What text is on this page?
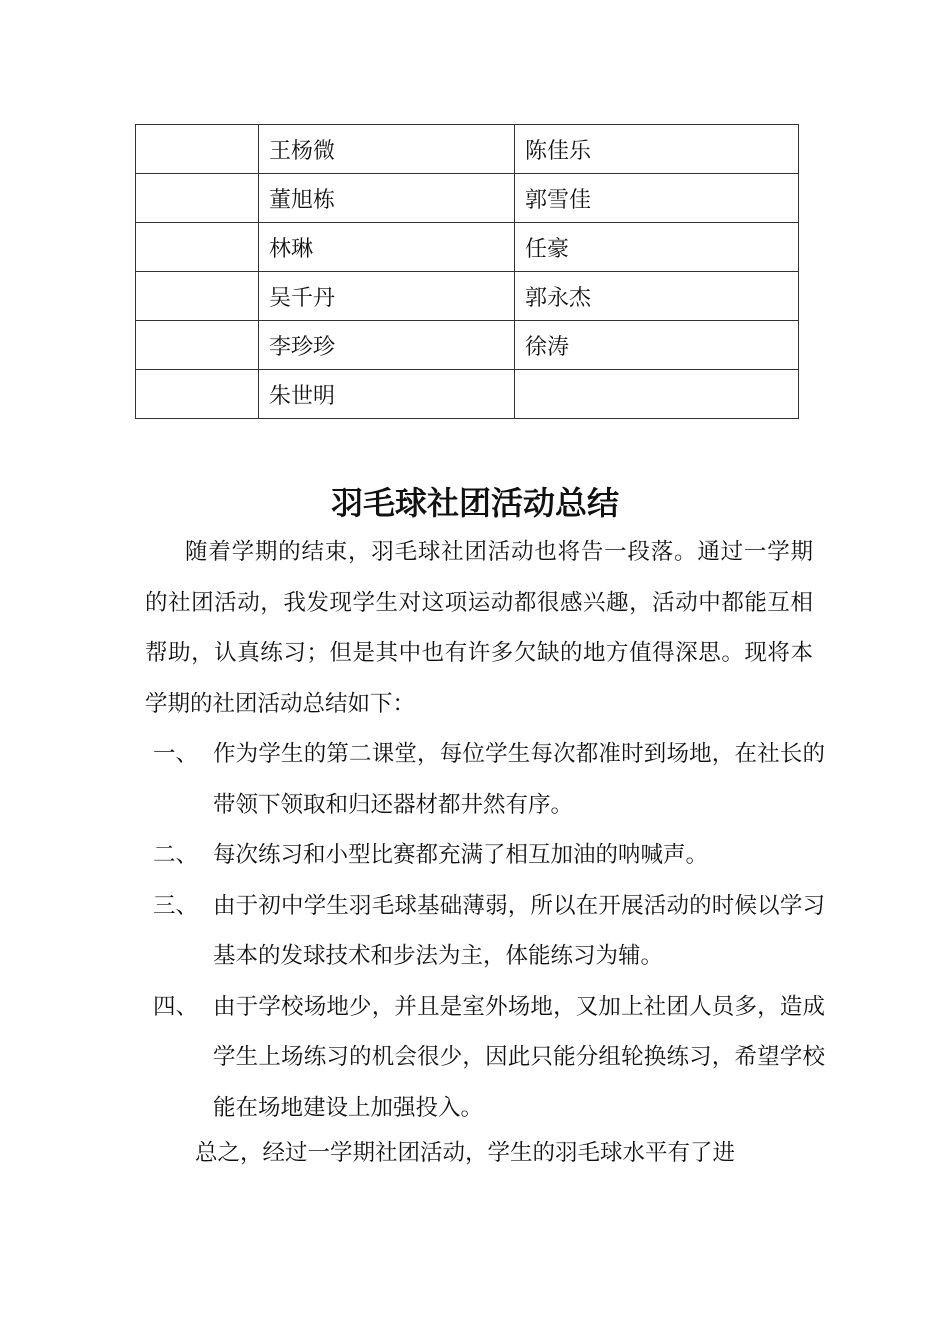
	王杨微	陈佳乐
	董旭栋	郭雪佳
	林琳	任豪
	吴千丹	郭永杰
	李珍珍	徐涛
	朱世明	
羽毛球社团活动总结
随着学期的结束，羽毛球社团活动也将告一段落。通过一学期的社团活动，我发现学生对这项运动都很感兴趣，活动中都能互相帮助，认真练习；但是其中也有许多欠缺的地方值得深思。现将本学期的社团活动总结如下：
一、 作为学生的第二课堂，每位学生每次都准时到场地，在社长的带领下领取和归还器材都井然有序。
二、 每次练习和小型比赛都充满了相互加油的呐喊声。
三、 由于初中学生羽毛球基础薄弱，所以在开展活动的时候以学习基本的发球技术和步法为主，体能练习为辅。
四、 由于学校场地少，并且是室外场地，又加上社团人员多，造成学生上场练习的机会很少，因此只能分组轮换练习，希望学校能在场地建设上加强投入。
总之，经过一学期社团活动，学生的羽毛球水平有了进
